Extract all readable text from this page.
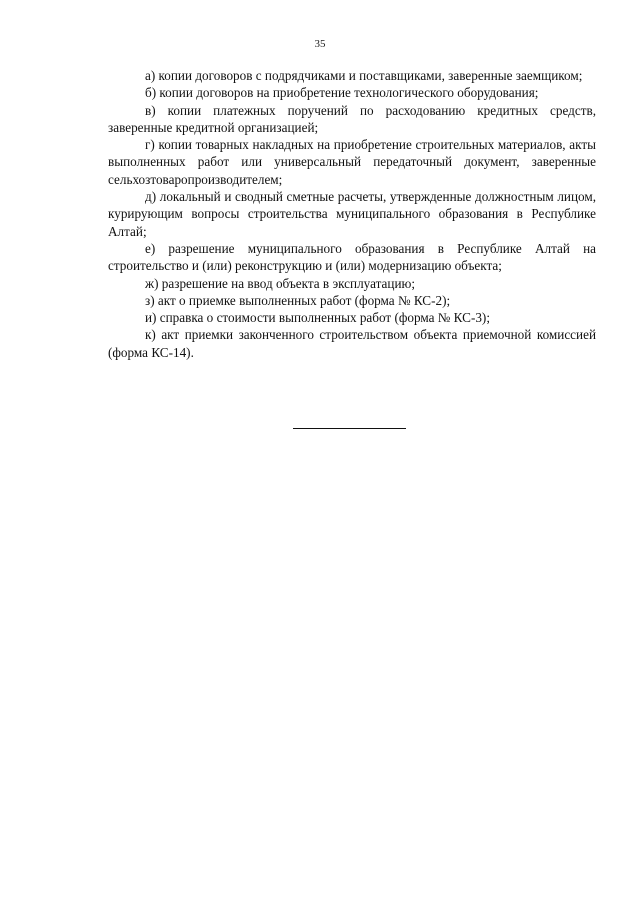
35

а) копии договоров с подрядчиками и поставщиками, заверенные заемщиком;

б) копии договоров на приобретение технологического оборудования;

в) копии платежных поручений по расходованию кредитных средств, заверенные кредитной организацией;

г) копии товарных накладных на приобретение строительных материалов, акты выполненных работ или универсальный передаточный документ, заверенные сельхозтоваропроизводителем;

д) локальный и сводный сметные расчеты, утвержденные должностным лицом, курирующим вопросы строительства муниципального образования в Республике Алтай;

е) разрешение муниципального образования в Республике Алтай на строительство и (или) реконструкцию и (или) модернизацию объекта;

ж) разрешение на ввод объекта в эксплуатацию;

з) акт о приемке выполненных работ (форма № КС-2);

и) справка о стоимости выполненных работ (форма № КС-3);

к) акт приемки законченного строительством объекта приемочной комиссией (форма КС-14).
